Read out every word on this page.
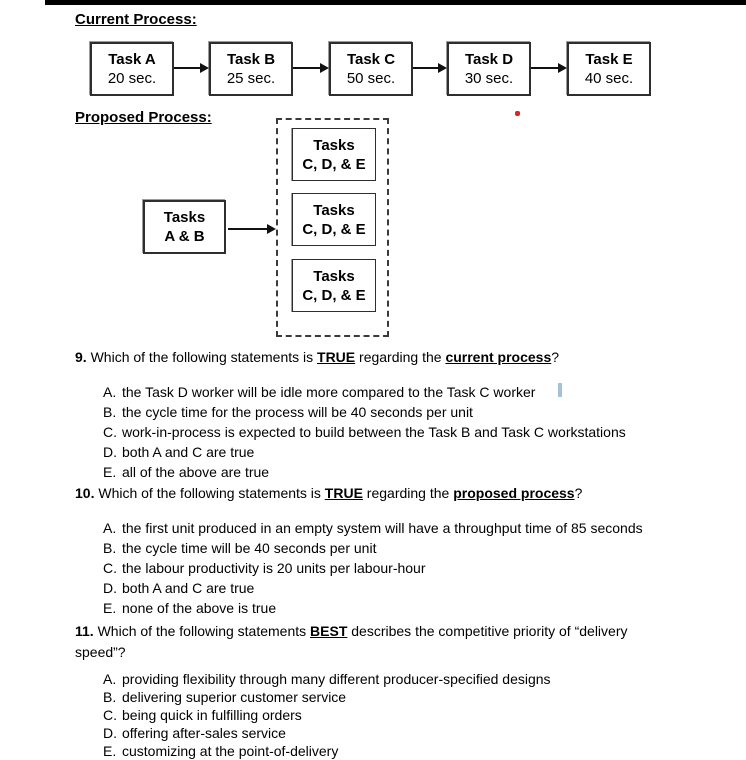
Current Process:
Task A
20 sec.
Task B
25 sec.
Task C
50 sec.
Task D
30 sec.
Task E
40 sec.
Proposed Process:
Tasks
A & B
Tasks
C, D, & E
Tasks
C, D, & E
Tasks
C, D, & E
9. Which of the following statements is TRUE regarding the current process?
A. the Task D worker will be idle more compared to the Task C worker
B. the cycle time for the process will be 40 seconds per unit
C. work-in-process is expected to build between the Task B and Task C workstations
D. both A and C are true
E. all of the above are true
10. Which of the following statements is TRUE regarding the proposed process?
A. the first unit produced in an empty system will have a throughput time of 85 seconds
B. the cycle time will be 40 seconds per unit
C. the labour productivity is 20 units per labour-hour
D. both A and C are true
E. none of the above is true
11. Which of the following statements BEST describes the competitive priority of “delivery speed”?
A. providing flexibility through many different producer-specified designs
B. delivering superior customer service
C. being quick in fulfilling orders
D. offering after-sales service
E. customizing at the point-of-delivery
